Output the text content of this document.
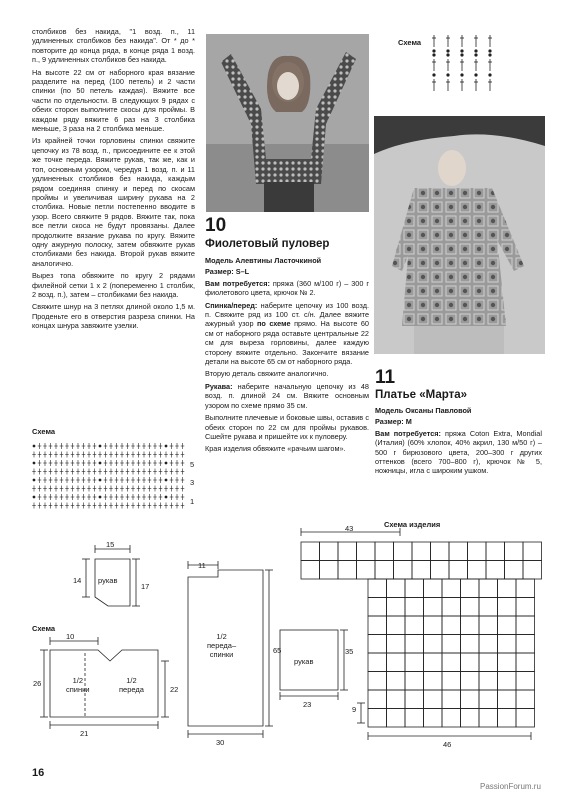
столбиков без накида, "1 возд. п., 11 удлиненных столбиков без накида". От * до * повторите до конца ряда, в конце ряда 1 возд. п., 9 удлиненных столбиков без накида.

На высоте 22 см от наборного края вязание разделите на перед (100 петель) и 2 части спинки (по 50 петель каждая). Вяжите все части по отдельности. В следующих 9 рядах с обеих сторон выполните скосы для проймы. В каждом ряду вяжите 6 раз на 3 столбика меньше, 3 раза на 2 столбика меньше.

Из крайней точки горловины спинки свяжите цепочку из 78 возд. п., присоедините ее к этой же точке переда. Вяжите рукав, так же, как и топ, основным узором, чередуя 1 возд. п. и 11 удлиненных столбиков без накида, каждым рядом соединяя спинку и перед по скосам проймы и увеличивая ширину рукава на 2 столбика. Новые петли постепенно вводите в узор. Всего свяжите 9 рядов. Вяжите так, пока все петли скоса не будут провязаны. Далее продолжите вязание рукава по кругу. Вяжите одну ажурную полоску, затем обвяжите рукав столбиками без накида. Второй рукав вяжите аналогично.

Вырез топа обвяжите по кругу 2 рядами филейной сетки 1 х 2 (попеременно 1 столбик, 2 возд. п.), затем – столбиками без накида.

Свяжите шнур на 3 петлях длиной около 1,5 м. Проденьте его в отверстия разреза спинки. На концах шнура завяжите узелки.

10
Фиолетовый пуловер

Модель Алевтины Ласточкиной

Размер: S–L

Вам потребуется: пряжа (360 м/100 г) – 300 г фиолетового цвета, крючок № 2.

Спинка/перед: наберите цепочку из 100 возд. п. Свяжите ряд из 100 ст. с/н. Далее вяжите ажурный узор по схеме прямо. На высоте 60 см от наборного ряда оставьте центральные 22 см для выреза горловины, далее каждую сторону вяжите отдельно. Закончите вязание детали на высоте 65 см от наборного ряда.

Вторую деталь свяжите аналогично.

Рукава: наберите начальную цепочку из 48 возд. п. длиной 24 см. Вяжите основным узором по схеме прямо 35 см.

Выполните плечевые и боковые швы, оставив с обеих сторон по 22 см для проймы рукавов. Сшейте рукава и пришейте их к пуловеру.

Края изделия обвяжите «рачьим шагом».

Схема
11
Платье «Марта»

Модель Оксаны Павловой

Размер: М

Вам потребуется: пряжа Coton Extra, Mondial (Италия) (60% хлопок, 40% акрил, 130 м/50 г) – 500 г бирюзового цвета, 200–300 г других оттенков (всего 700–800 г), крючок № 5, ножницы, игла с широким ушком.

Схема
5
3
1
Схема
рукав
15
14
17
10
26
22
21
1/2
спинки
1/2
переда
11
1/2
переда–
спинки	65
30
рукав
35
23
Схема изделия
43
9
46
16
PassionForum.ru
